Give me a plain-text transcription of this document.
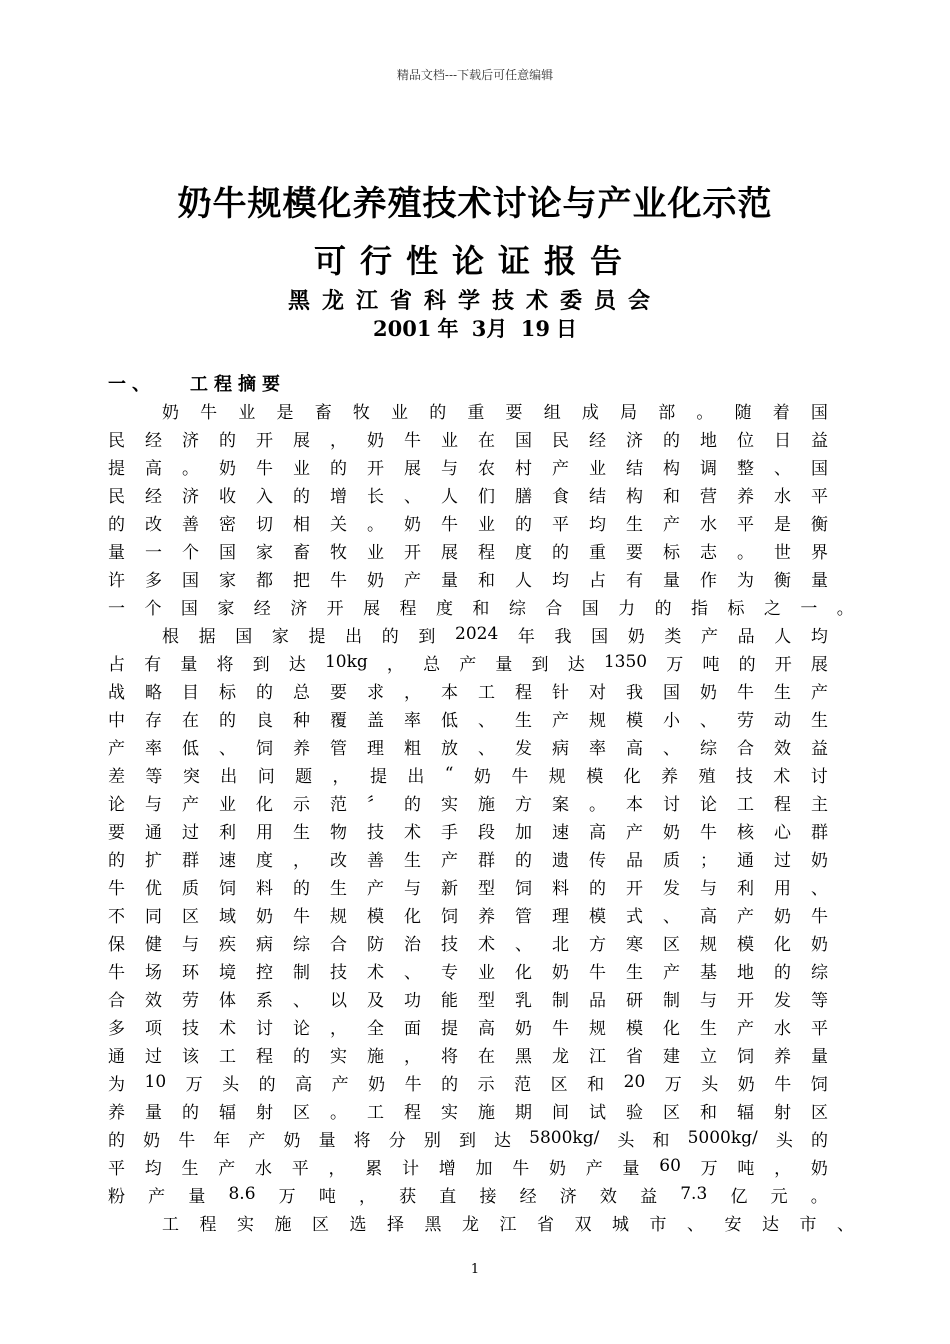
精品文档---下载后可任意编辑
奶牛规模化养殖技术讨论与产业化示范
可行性论证报告
黑龙江省科学技术委员会
2001 年 3月 19 日
一、 工程摘要
奶 牛 业 是 畜 牧 业 的 重 要 组 成 局 部 。 随 着 国
民 经 济 的 开 展 ， 奶 牛 业 在 国 民 经 济 的 地 位 日 益
提 高 。 奶 牛 业 的 开 展 与 农 村 产 业 结 构 调 整 、 国
民 经 济 收 入 的 增 长 、 人 们 膳 食 结 构 和 营 养 水 平
的 改 善 密 切 相 关 。 奶 牛 业 的 平 均 生 产 水 平 是 衡
量 一 个 国 家 畜 牧 业 开 展 程 度 的 重 要 标 志 。 世 界
许 多 国 家 都 把 牛 奶 产 量 和 人 均 占 有 量 作 为 衡 量
一 个 国 家 经 济 开 展 程 度 和 综 合 国 力 的 指 标 之 一 。
根 据 国 家 提 出 的 到 2024 年 我 国 奶 类 产 品 人 均
占 有 量 将 到 达 10kg ， 总 产 量 到 达 1350 万 吨 的 开 展
战 略 目 标 的 总 要 求 ， 本 工 程 针 对 我 国 奶 牛 生 产
中 存 在 的 良 种 覆 盖 率 低 、 生 产 规 模 小 、 劳 动 生
产 率 低 、 饲 养 管 理 粗 放 、 发 病 率 高 、 综 合 效 益
差 等 突 出 问 题 ， 提 出 “ 奶 牛 规 模 化 养 殖 技 术 讨
论 与 产 业 化 示 范 〞 的 实 施 方 案 。 本 讨 论 工 程 主
要 通 过 利 用 生 物 技 术 手 段 加 速 高 产 奶 牛 核 心 群
的 扩 群 速 度 ， 改 善 生 产 群 的 遗 传 品 质 ； 通 过 奶
牛 优 质 饲 料 的 生 产 与 新 型 饲 料 的 开 发 与 利 用 、
不 同 区 域 奶 牛 规 模 化 饲 养 管 理 模 式 、 高 产 奶 牛
保 健 与 疾 病 综 合 防 治 技 术 、 北 方 寒 区 规 模 化 奶
牛 场 环 境 控 制 技 术 、 专 业 化 奶 牛 生 产 基 地 的 综
合 效 劳 体 系 、 以 及 功 能 型 乳 制 品 研 制 与 开 发 等
多 项 技 术 讨 论 ， 全 面 提 高 奶 牛 规 模 化 生 产 水 平
通 过 该 工 程 的 实 施 ， 将 在 黑 龙 江 省 建 立 饲 养 量
为 10 万 头 的 高 产 奶 牛 的 示 范 区 和 20 万 头 奶 牛 饲
养 量 的 辐 射 区 。 工 程 实 施 期 间 试 验 区 和 辐 射 区
的 奶 牛 年 产 奶 量 将 分 别 到 达 5800kg/ 头 和 5000kg/ 头 的
平 均 生 产 水 平 ， 累 计 增 加 牛 奶 产 量 60 万 吨 ， 奶
粉 产 量 8.6 万 吨 ， 获 直 接 经 济 效 益 7.3 亿 元 。
工 程 实 施 区 选 择 黑 龙 江 省 双 城 市 、 安 达 市 、
1
